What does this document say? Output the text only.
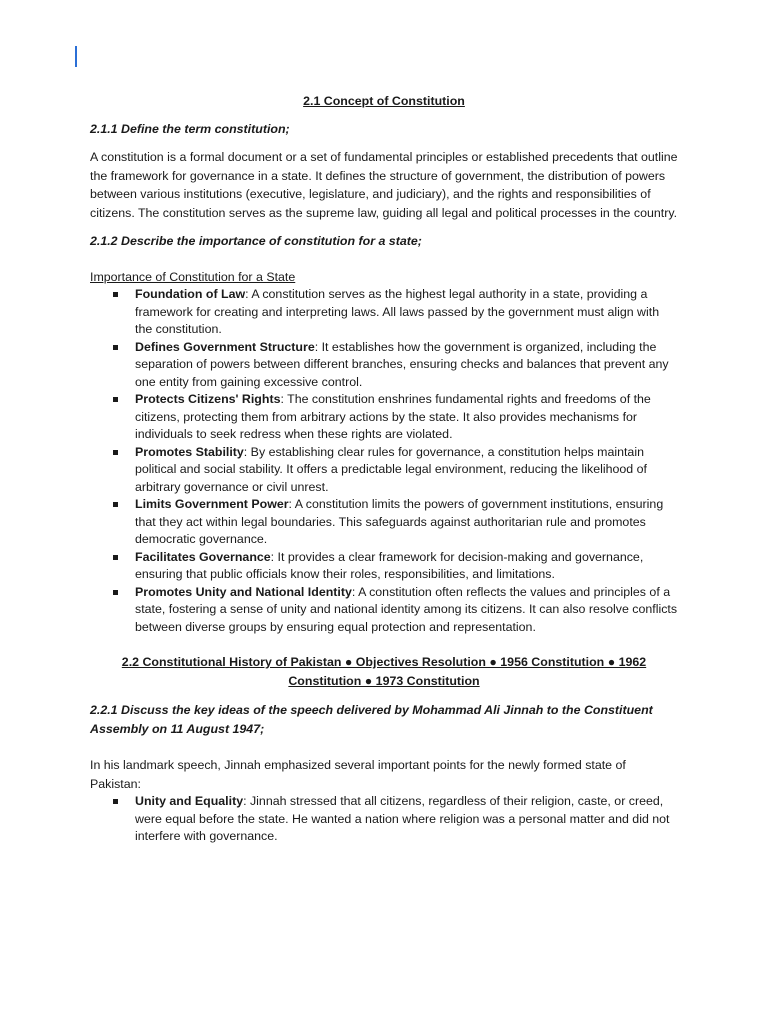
2.1 Concept of Constitution

2.1.1 Define the term constitution;

A constitution is a formal document or a set of fundamental principles or established precedents that outline the framework for governance in a state. It defines the structure of government, the distribution of powers between various institutions (executive, legislature, and judiciary), and the rights and responsibilities of citizens. The constitution serves as the supreme law, guiding all legal and political processes in the country.

2.1.2 Describe the importance of constitution for a state;

Importance of Constitution for a State

Foundation of Law: A constitution serves as the highest legal authority in a state, providing a framework for creating and interpreting laws. All laws passed by the government must align with the constitution.
Defines Government Structure: It establishes how the government is organized, including the separation of powers between different branches, ensuring checks and balances that prevent any one entity from gaining excessive control.
Protects Citizens' Rights: The constitution enshrines fundamental rights and freedoms of the citizens, protecting them from arbitrary actions by the state. It also provides mechanisms for individuals to seek redress when these rights are violated.
Promotes Stability: By establishing clear rules for governance, a constitution helps maintain political and social stability. It offers a predictable legal environment, reducing the likelihood of arbitrary governance or civil unrest.
Limits Government Power: A constitution limits the powers of government institutions, ensuring that they act within legal boundaries. This safeguards against authoritarian rule and promotes democratic governance.
Facilitates Governance: It provides a clear framework for decision-making and governance, ensuring that public officials know their roles, responsibilities, and limitations.
Promotes Unity and National Identity: A constitution often reflects the values and principles of a state, fostering a sense of unity and national identity among its citizens. It can also resolve conflicts between diverse groups by ensuring equal protection and representation.

2.2 Constitutional History of Pakistan ● Objectives Resolution ● 1956 Constitution ● 1962 Constitution ● 1973 Constitution

2.2.1 Discuss the key ideas of the speech delivered by Mohammad Ali Jinnah to the Constituent Assembly on 11 August 1947;

In his landmark speech, Jinnah emphasized several important points for the newly formed state of Pakistan:

Unity and Equality: Jinnah stressed that all citizens, regardless of their religion, caste, or creed, were equal before the state. He wanted a nation where religion was a personal matter and did not interfere with governance.
